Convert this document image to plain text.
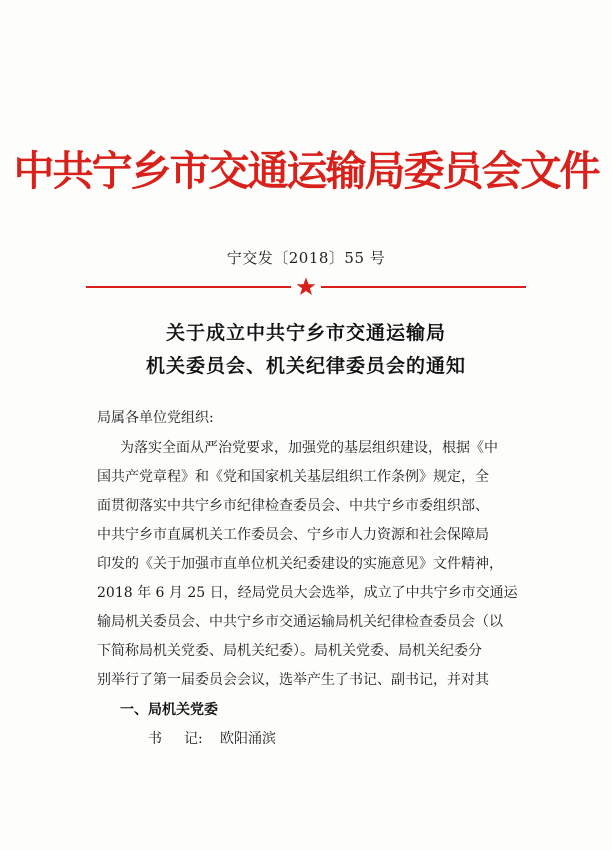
中共宁乡市交通运输局委员会文件
宁交发〔2018〕55 号
关于成立中共宁乡市交通运输局
机关委员会、机关纪律委员会的通知
局属各单位党组织:
为落实全面从严治党要求，加强党的基层组织建设，根据《中
国共产党章程》和《党和国家机关基层组织工作条例》规定，全
面贯彻落实中共宁乡市纪律检查委员会、中共宁乡市委组织部、
中共宁乡市直属机关工作委员会、宁乡市人力资源和社会保障局
印发的《关于加强市直单位机关纪委建设的实施意见》文件精神，
2018 年 6 月 25 日，经局党员大会选举，成立了中共宁乡市交通运
输局机关委员会、中共宁乡市交通运输局机关纪律检查委员会（以
下简称局机关党委、局机关纪委）。局机关党委、局机关纪委分
别举行了第一届委员会会议，选举产生了书记、副书记，并对其
一、局机关党委
书 记: 欧阳涌滨
